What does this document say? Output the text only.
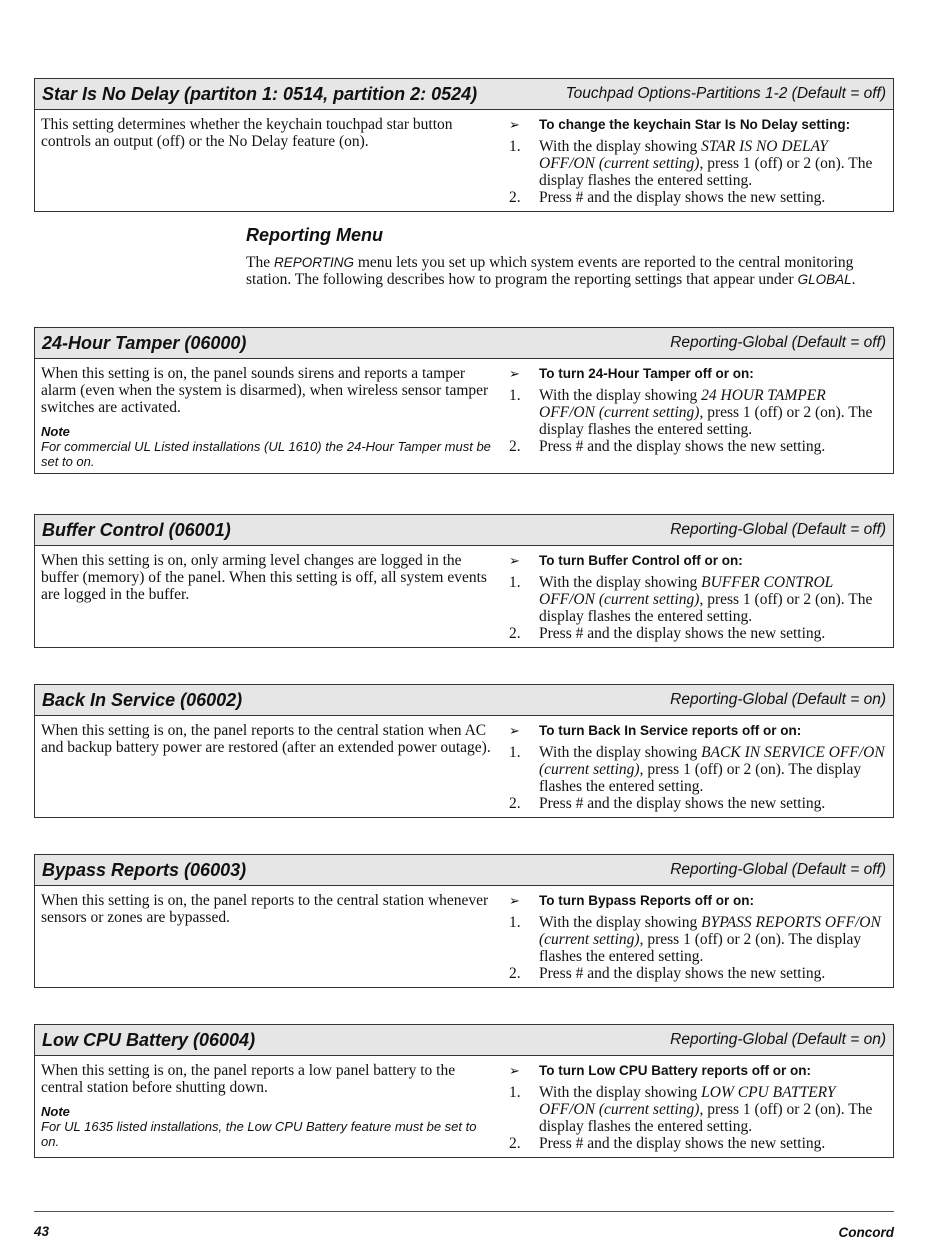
Star Is No Delay (partiton 1: 0514, partition 2: 0524)	Touchpad Options-Partitions 1-2 (Default = off)
This setting determines whether the keychain touchpad star button controls an output (off) or the No Delay feature (on).
➢	To change the keychain Star Is No Delay setting:
1.	With the display showing STAR IS NO DELAY OFF/ON (current setting), press 1 (off) or 2 (on). The display flashes the entered setting.
2.	Press # and the display shows the new setting.
Reporting Menu
The REPORTING menu lets you set up which system events are reported to the central monitoring station. The following describes how to program the reporting settings that appear under GLOBAL.
24-Hour Tamper (06000)	Reporting-Global (Default = off)
When this setting is on, the panel sounds sirens and reports a tamper alarm (even when the system is disarmed), when wireless sensor tamper switches are activated.
Note
For commercial UL Listed installations (UL 1610) the 24-Hour Tamper must be set to on.
➢	To turn 24-Hour Tamper off or on:
1.	With the display showing 24 HOUR TAMPER OFF/ON (current setting), press 1 (off) or 2 (on). The display flashes the entered setting.
2.	Press # and the display shows the new setting.
Buffer Control (06001)	Reporting-Global (Default = off)
When this setting is on, only arming level changes are logged in the buffer (memory) of the panel. When this setting is off, all system events are logged in the buffer.
➢	To turn Buffer Control off or on:
1.	With the display showing BUFFER CONTROL OFF/ON (current setting), press 1 (off) or 2 (on). The display flashes the entered setting.
2.	Press # and the display shows the new setting.
Back In Service (06002)	Reporting-Global (Default = on)
When this setting is on, the panel reports to the central station when AC and backup battery power are restored (after an extended power outage).
➢	To turn Back In Service reports off or on:
1.	With the display showing BACK IN SERVICE OFF/ON (current setting), press 1 (off) or 2 (on). The display flashes the entered setting.
2.	Press # and the display shows the new setting.
Bypass Reports (06003)	Reporting-Global (Default = off)
When this setting is on, the panel reports to the central station whenever sensors or zones are bypassed.
➢	To turn Bypass Reports off or on:
1.	With the display showing BYPASS REPORTS OFF/ON (current setting), press 1 (off) or 2 (on). The display flashes the entered setting.
2.	Press # and the display shows the new setting.
Low CPU Battery (06004)	Reporting-Global (Default = on)
When this setting is on, the panel reports a low panel battery to the central station before shutting down.
Note
For UL 1635 listed installations, the Low CPU Battery feature must be set to on.
➢	To turn Low CPU Battery reports off or on:
1.	With the display showing LOW CPU BATTERY OFF/ON (current setting), press 1 (off) or 2 (on). The display flashes the entered setting.
2.	Press # and the display shows the new setting.
43	Concord
